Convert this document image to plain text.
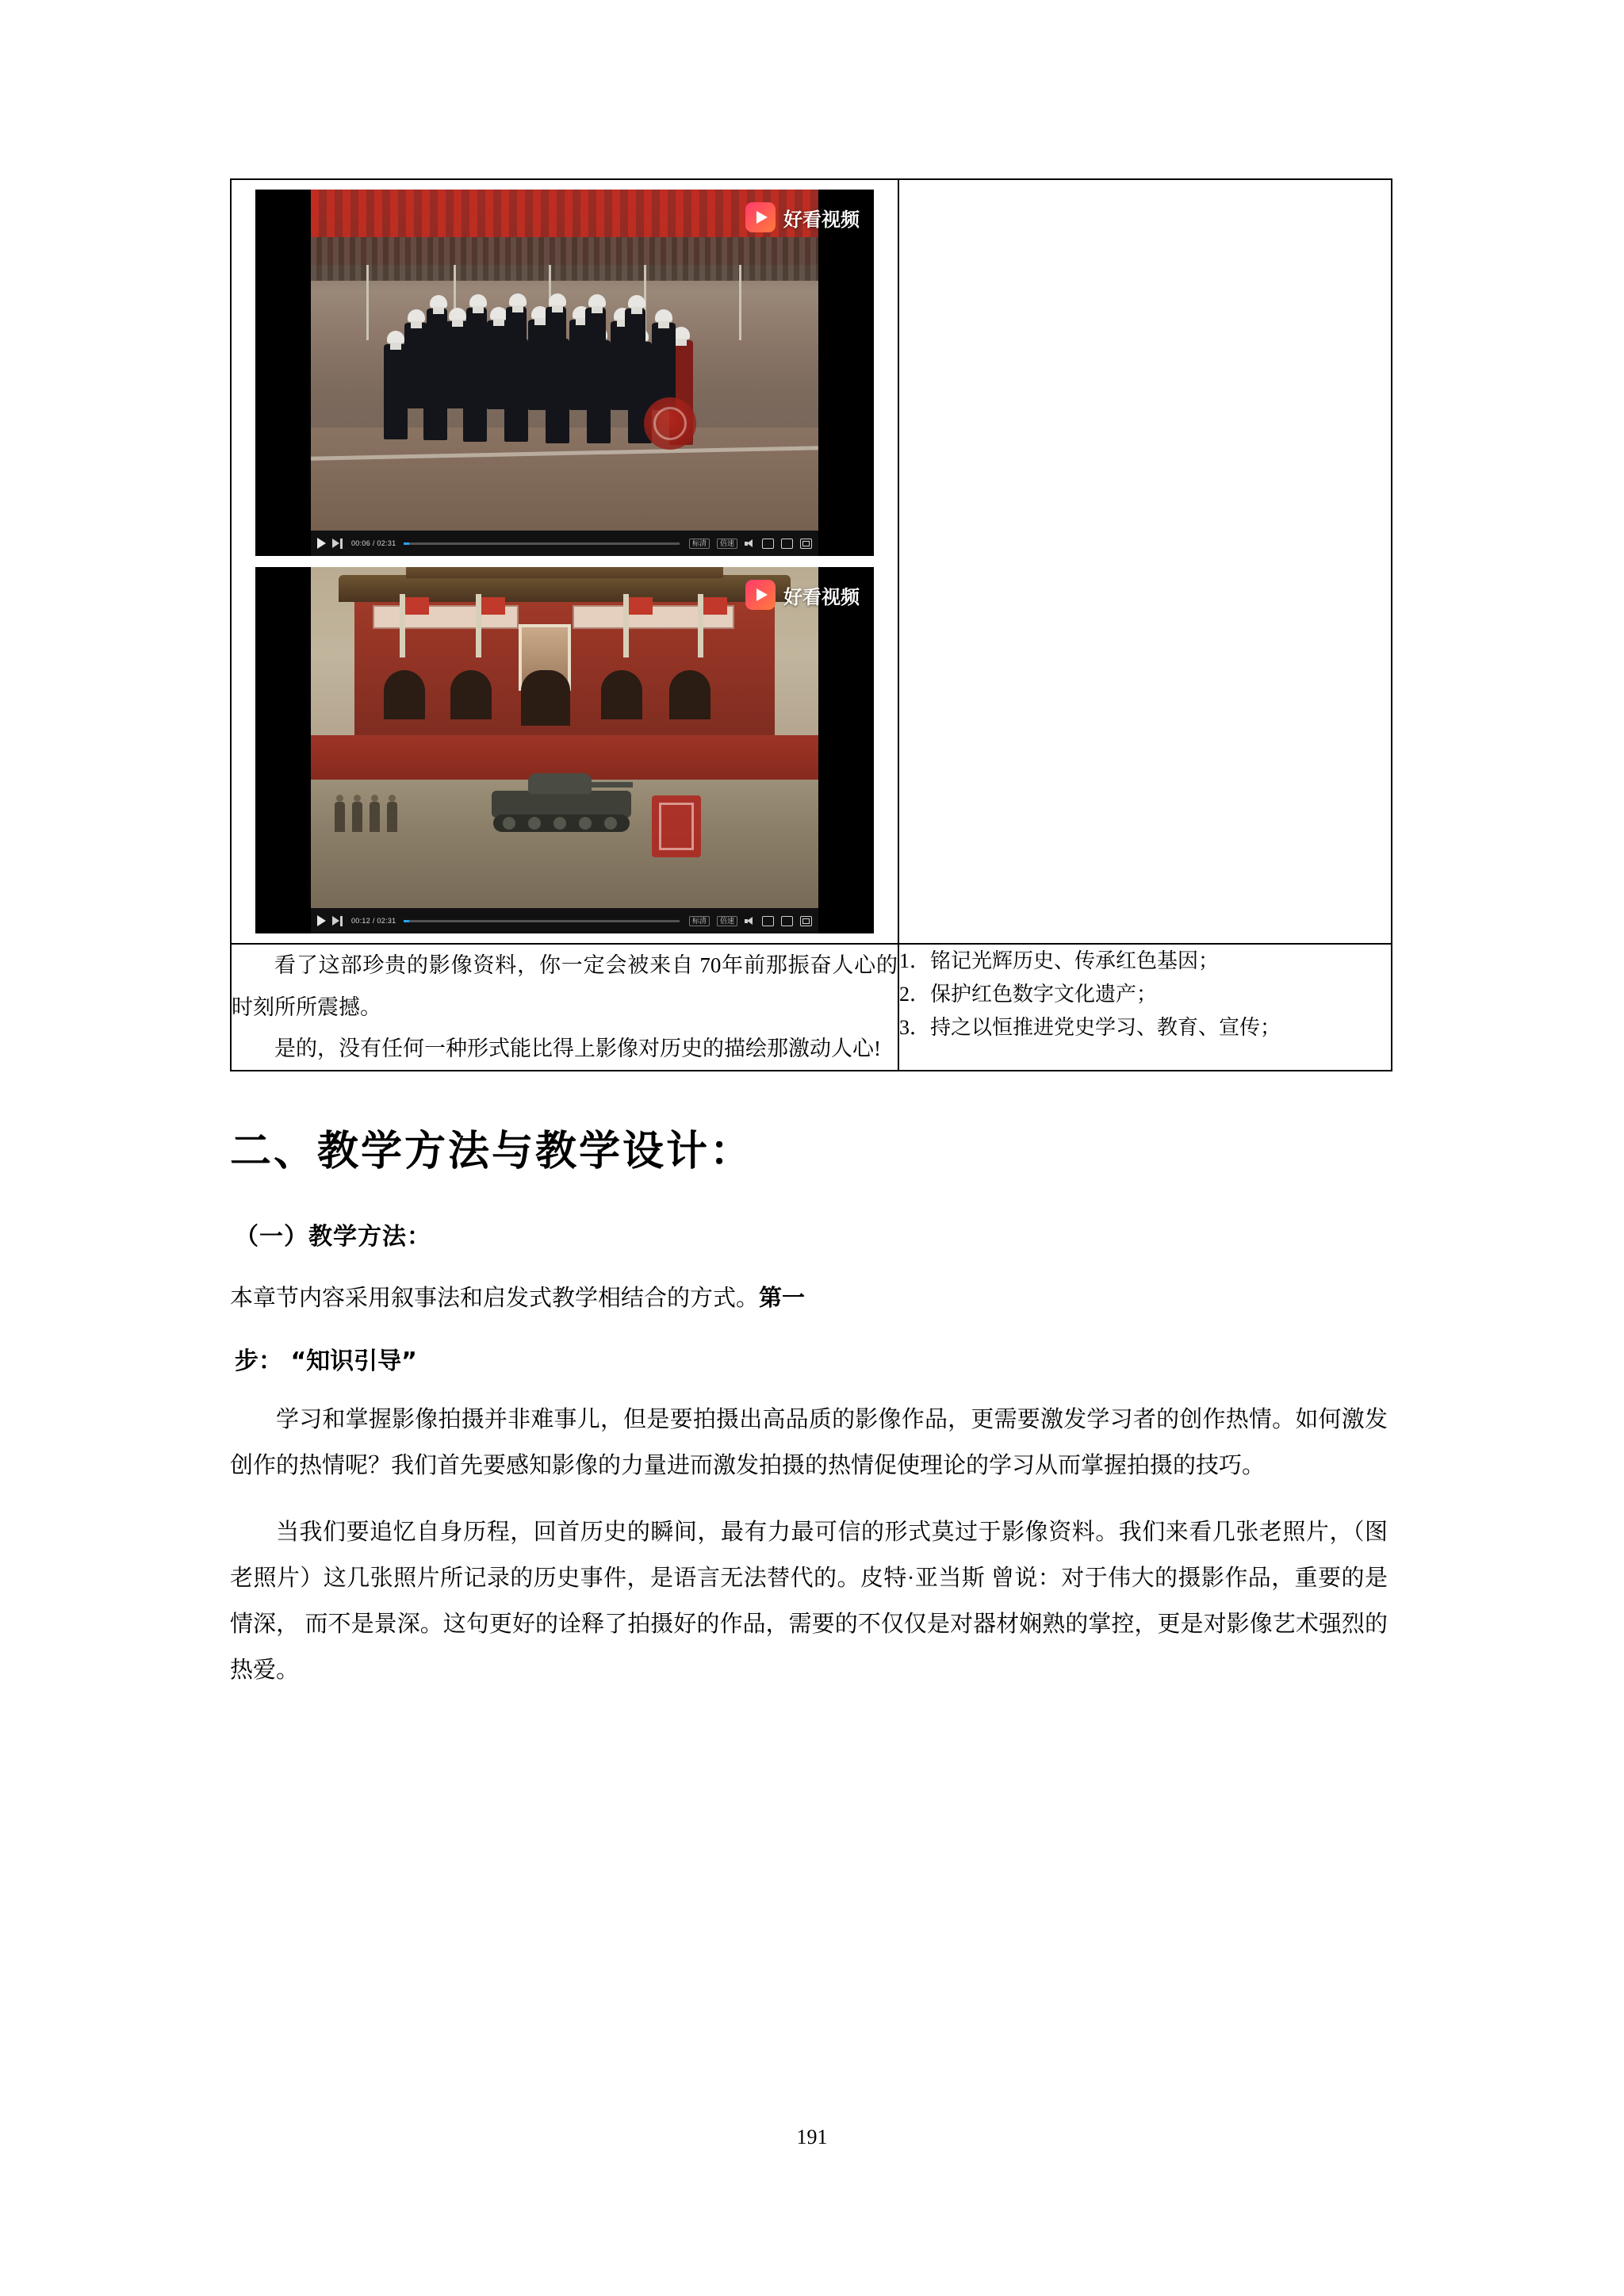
好看视频
00:06 / 02:31	标清	倍速
好看视频
00:12 / 02:31	标清	倍速

看了这部珍贵的影像资料，你一定会被来自 70年前那振奋人心的时刻所所震撼。

是的，没有任何一种形式能比得上影像对历史的描绘那激动人心!

1．铭记光辉历史、传承红色基因；

2．保护红色数字文化遗产；

3．持之以恒推进党史学习、教育、宣传；

二、教学方法与教学设计：
（一）教学方法：

本章节内容采用叙事法和启发式教学相结合的方式。第一

步： “知识引导”

学习和掌握影像拍摄并非难事儿，但是要拍摄出高品质的影像作品，更需要激发学习者的创作热情。如何激发创作的热情呢？我们首先要感知影像的力量进而激发拍摄的热情促使理论的学习从而掌握拍摄的技巧。

当我们要追忆自身历程，回首历史的瞬间，最有力最可信的形式莫过于影像资料。我们来看几张老照片，（图 老照片）这几张照片所记录的历史事件，是语言无法替代的。皮特·亚当斯 曾说：对于伟大的摄影作品，重要的是情深， 而不是景深。这句更好的诠释了拍摄好的作品，需要的不仅仅是对器材娴熟的掌控，更是对影像艺术强烈的热爱。

191
